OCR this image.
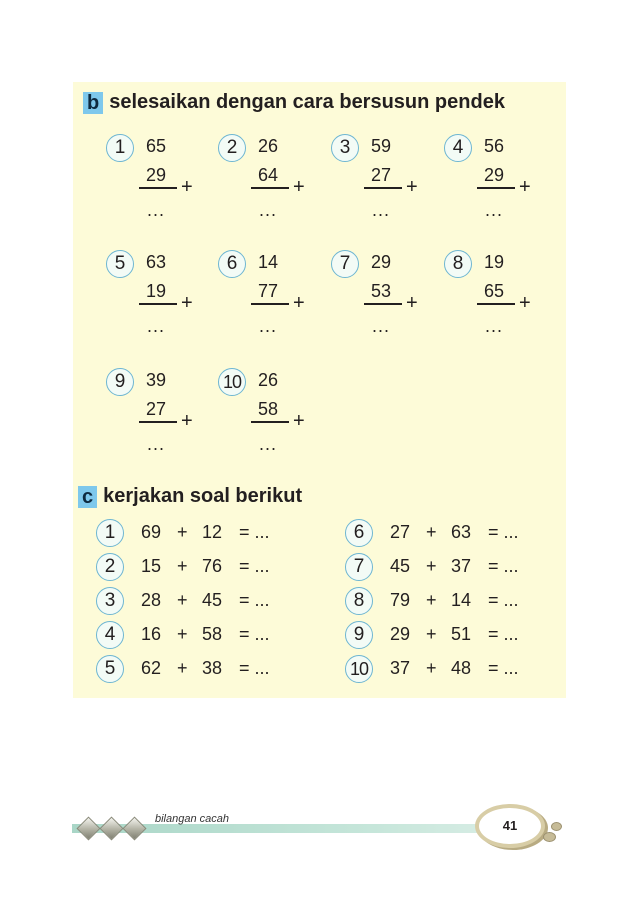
b selesaikan dengan cara bersusun pendek
1	65
29
+
...
2	26
64
+
...
3	59
27
+
...
4	56
29
+
...
5	63
19
+
...
6	14
77
+
...
7	29
53
+
...
8	19
65
+
...
9	39
27
+
...
10 26
58
+
...
c kerjakan soal berikut
1	69 + 12 = ...
2	15 + 76 = ...
3	28 + 45 = ...
4	16 + 58 = ...
5	62 + 38 = ...
6	27 + 63 = ...
7	45 + 37 = ...
8	79 + 14 = ...
9	29 + 51 = ...
10 37 + 48 = ...
bilangan cacah	41
